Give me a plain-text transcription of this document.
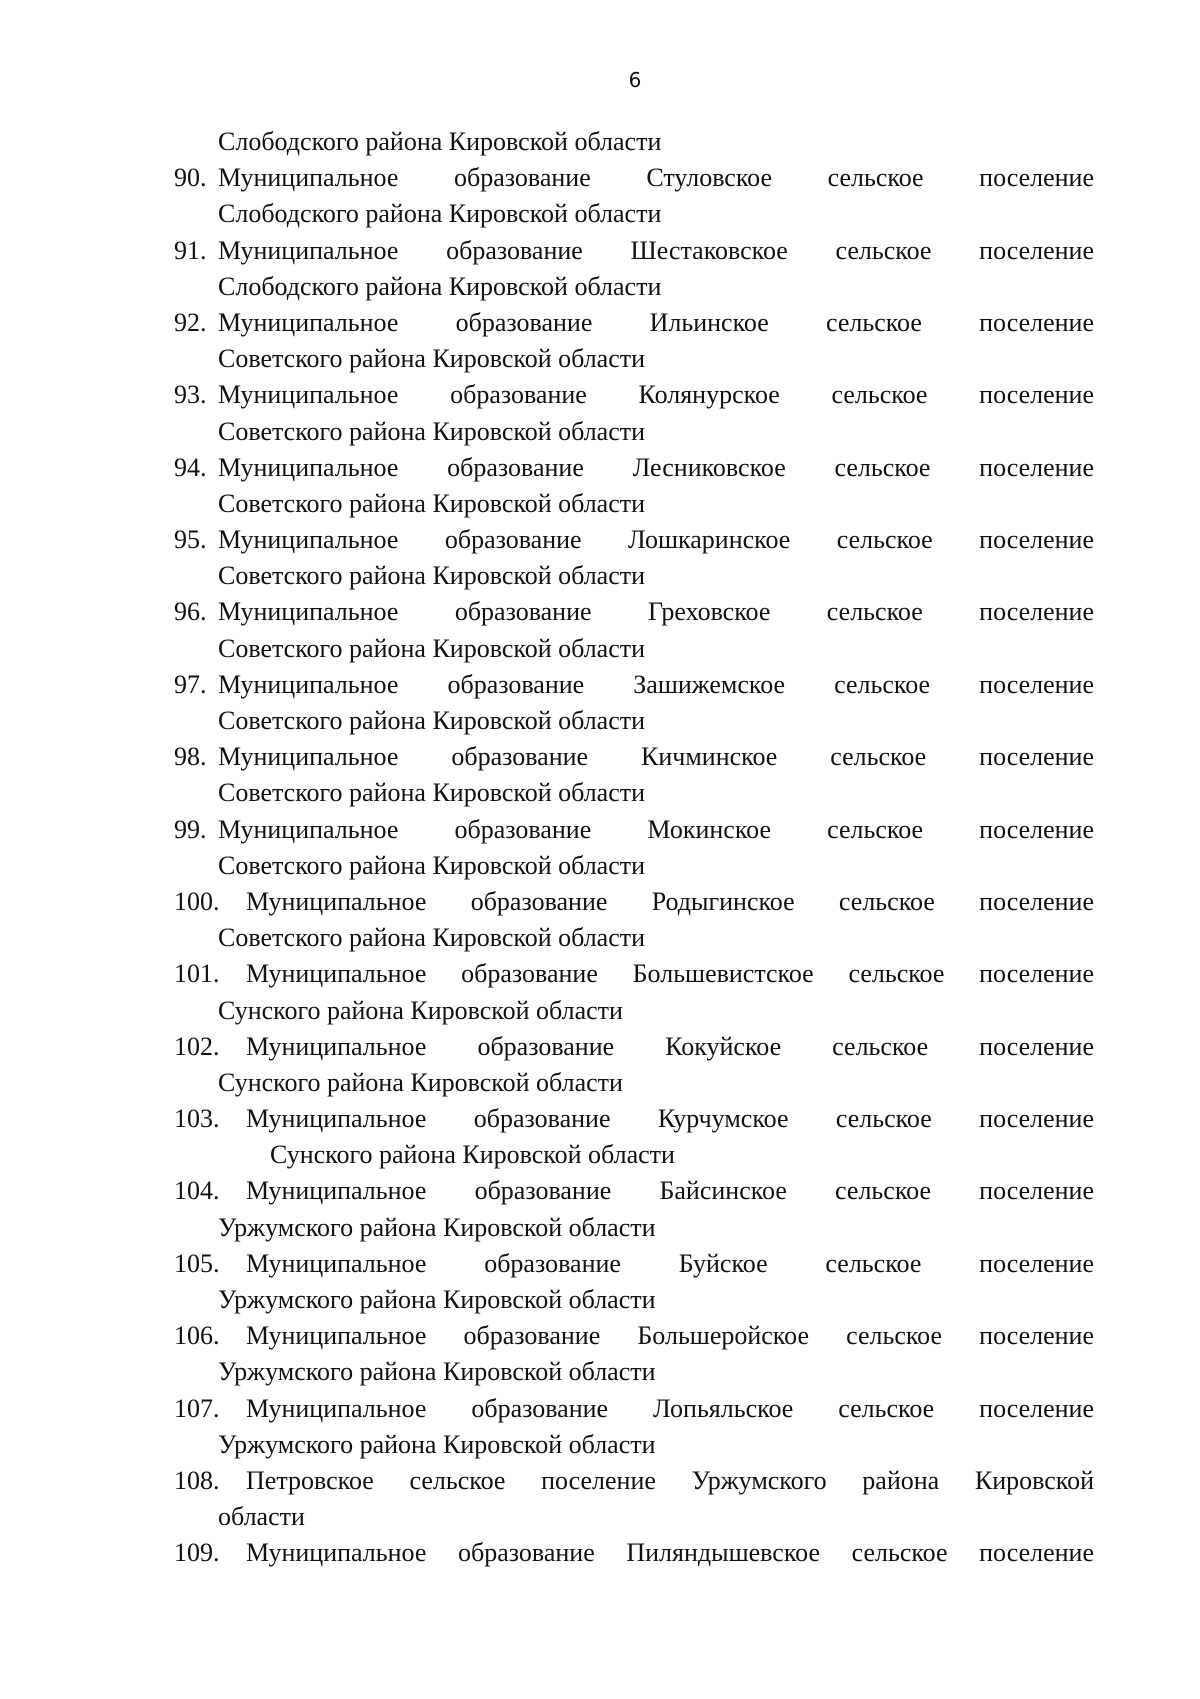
6
Слободского района Кировской области
90. Муниципальное образование Стуловское сельское поселение
Слободского района Кировской области
91. Муниципальное образование Шестаковское сельское поселение
Слободского района Кировской области
92. Муниципальное образование Ильинское сельское поселение
Советского района Кировской области
93. Муниципальное образование Колянурское сельское поселение
Советского района Кировской области
94. Муниципальное образование Лесниковское сельское поселение
Советского района Кировской области
95. Муниципальное образование Лошкаринское сельское поселение
Советского района Кировской области
96. Муниципальное образование Греховское сельское поселение
Советского района Кировской области
97. Муниципальное образование Зашижемское сельское поселение
Советского района Кировской области
98. Муниципальное образование Кичминское сельское поселение
Советского района Кировской области
99. Муниципальное образование Мокинское сельское поселение
Советского района Кировской области
100. Муниципальное образование Родыгинское сельское поселение
Советского района Кировской области
101. Муниципальное образование Большевистское сельское поселение
Сунского района Кировской области
102. Муниципальное образование Кокуйское сельское поселение
Сунского района Кировской области
103. Муниципальное образование Курчумское сельское поселение
Сунского района Кировской области
104. Муниципальное образование Байсинское сельское поселение
Уржумского района Кировской области
105. Муниципальное образование Буйское сельское поселение
Уржумского района Кировской области
106. Муниципальное образование Большеройское сельское поселение
Уржумского района Кировской области
107. Муниципальное образование Лопьяльское сельское поселение
Уржумского района Кировской области
108. Петровское сельское поселение Уржумского района Кировской
области
109. Муниципальное образование Пиляндышевское сельское поселение
